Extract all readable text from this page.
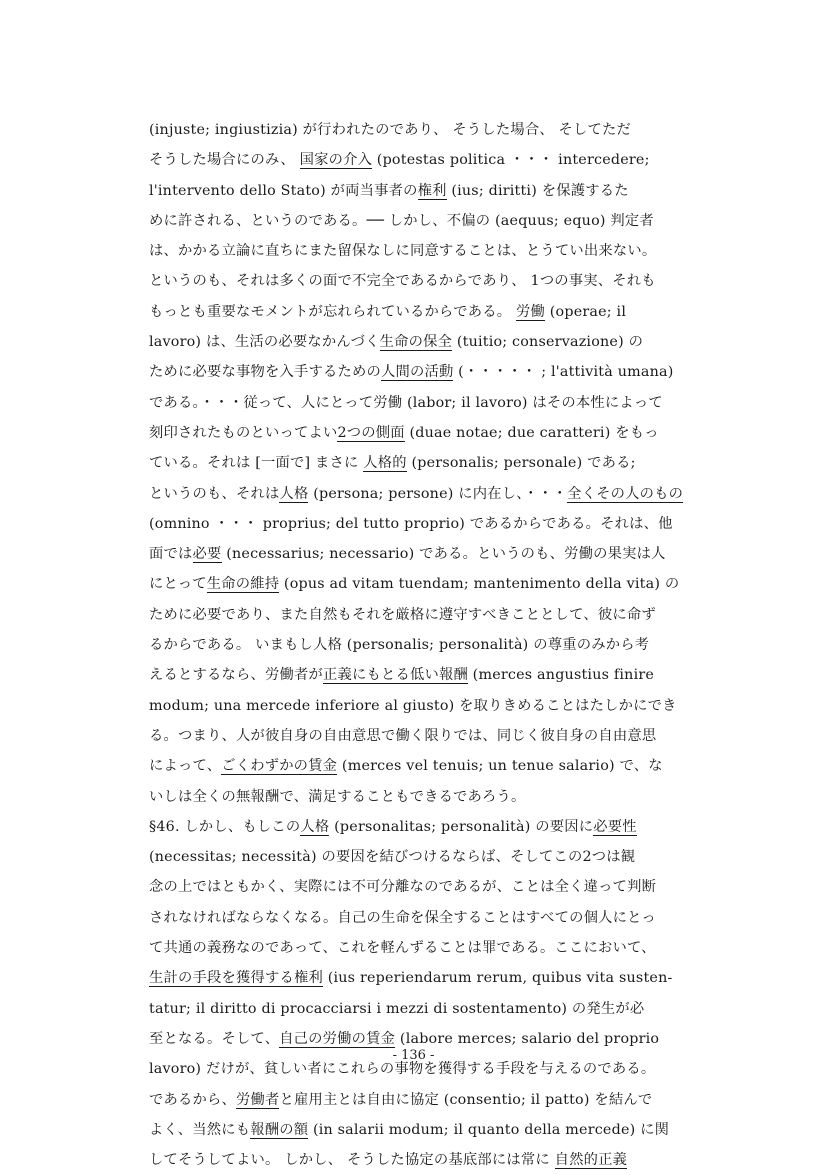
(injuste; ingiustizia) が行われたのであり、 そうした場合、 そしてただ
そうした場合にのみ、 国家の介入 (potestas politica ・・・ intercedere;
l'intervento dello Stato) が両当事者の権利 (ius; diritti) を保護するた
めに許される、というのである。── しかし、不偏の (aequus; equo) 判定者
は、かかる立論に直ちにまた留保なしに同意することは、とうてい出来ない。
というのも、それは多くの面で不完全であるからであり、 1つの事実、それも
もっとも重要なモメントが忘れられているからである。 労働 (operae; il
lavoro) は、生活の必要なかんづく生命の保全 (tuitio; conservazione) の
ために必要な事物を入手するための人間の活動 (・・・・・ ; l'attività umana)
である。・・・従って、人にとって労働 (labor; il lavoro) はその本性によって
刻印されたものといってよい2つの側面 (duae notae; due caratteri) をもっ
ている。それは [一面で] まさに 人格的 (personalis; personale) である;
というのも、それは人格 (persona; persone) に内在し、・・・全くその人のもの
(omnino ・・・ proprius; del tutto proprio) であるからである。それは、他
面では必要 (necessarius; necessario) である。というのも、労働の果実は人
にとって生命の維持 (opus ad vitam tuendam; mantenimento della vita) の
ために必要であり、また自然もそれを厳格に遵守すべきこととして、彼に命ず
るからである。 いまもし人格 (personalis; personalità) の尊重のみから考
えるとするなら、労働者が正義にもとる低い報酬 (merces angustius finire
modum; una mercede inferiore al giusto) を取りきめることはたしかにでき
る。つまり、人が彼自身の自由意思で働く限りでは、同じく彼自身の自由意思
によって、ごくわずかの賃金 (merces vel tenuis; un tenue salario) で、な
いしは全くの無報酬で、満足することもできるであろう。
§46. しかし、もしこの人格 (personalitas; personalità) の要因に必要性
(necessitas; necessità) の要因を結びつけるならば、そしてこの2つは観
念の上ではともかく、実際には不可分離なのであるが、ことは全く違って判断
されなければならなくなる。自己の生命を保全することはすべての個人にとっ
て共通の義務なのであって、これを軽んずることは罪である。ここにおいて、
生計の手段を獲得する権利 (ius reperiendarum rerum, quibus vita susten-
tatur; il diritto di procacciarsi i mezzi di sostentamento) の発生が必
至となる。そして、自己の労働の賃金 (labore merces; salario del proprio
lavoro) だけが、貧しい者にこれらの事物を獲得する手段を与えるのである。
であるから、労働者と雇用主とは自由に協定 (consentio; il patto) を結んで
よく、当然にも報酬の額 (in salarii modum; il quanto della mercede) に関
してそうしてよい。 しかし、 そうした協定の基底部には常に 自然的正義
- 136 -
